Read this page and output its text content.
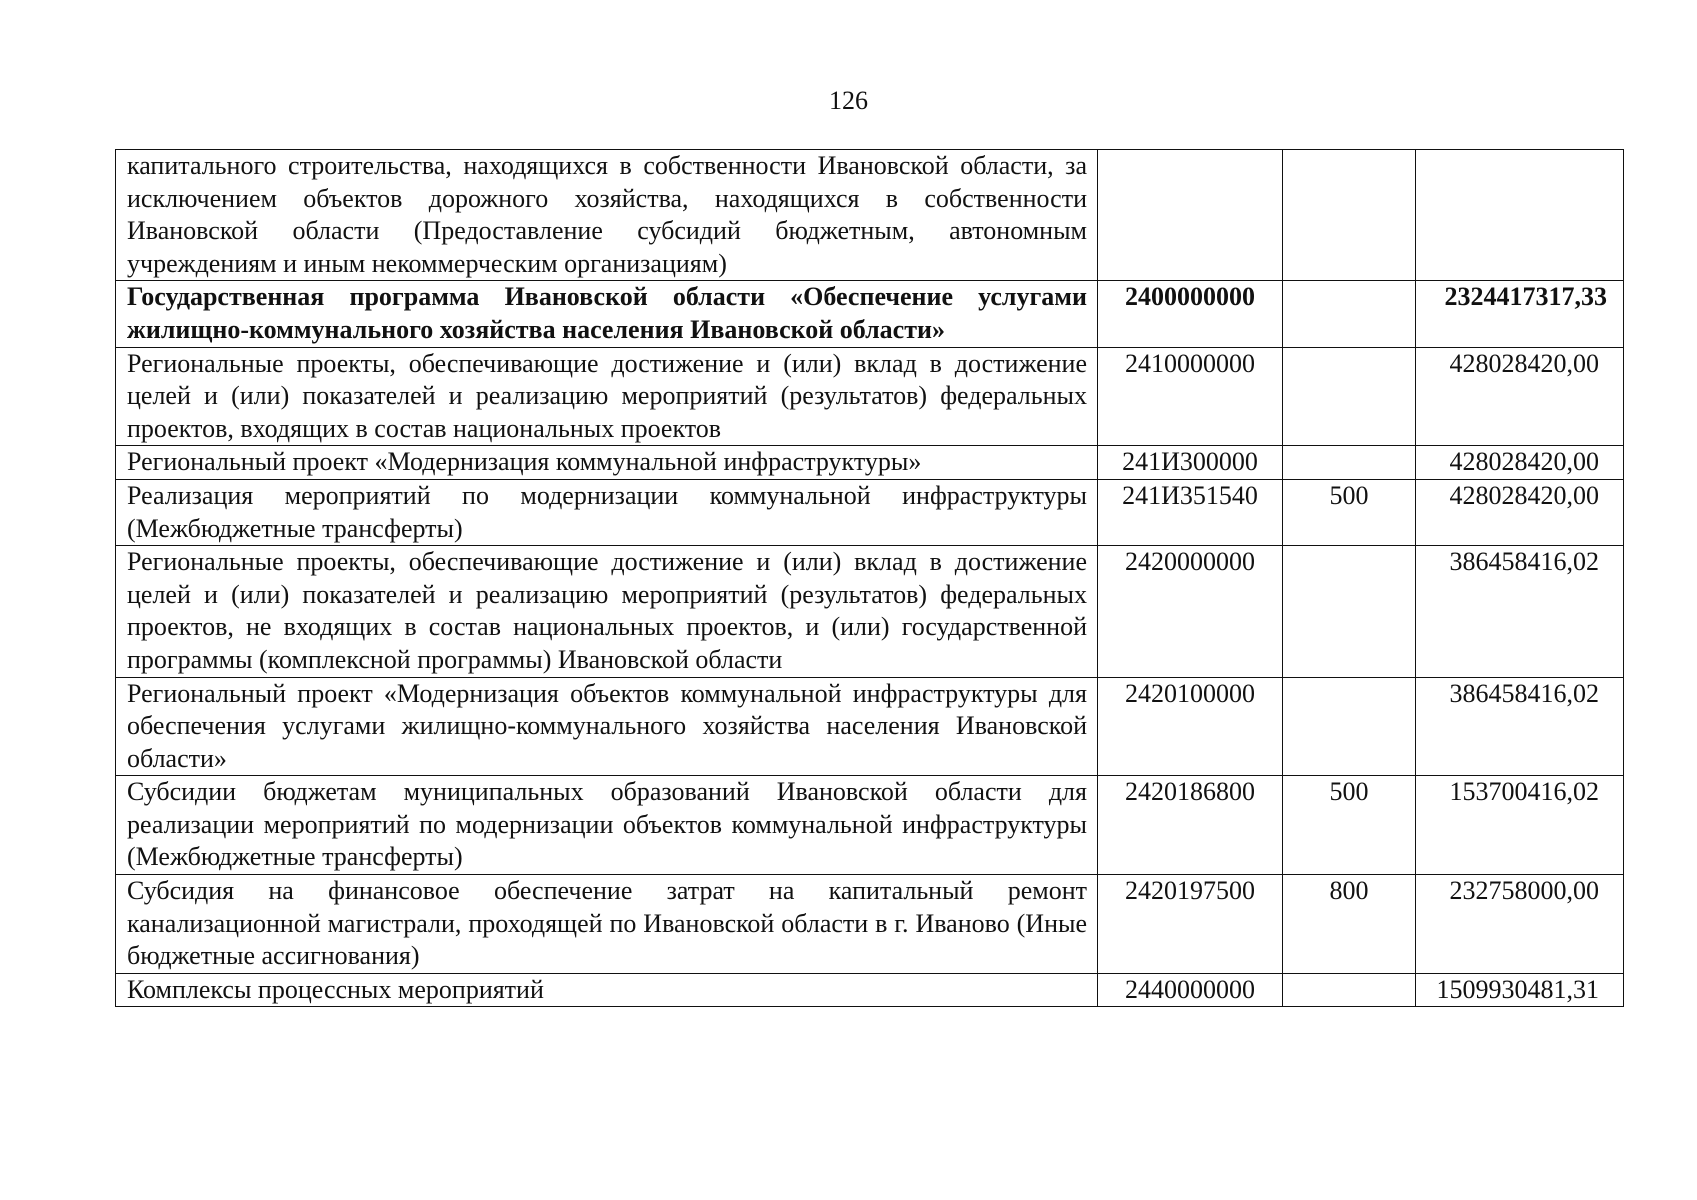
126
капитального строительства, находящихся в собственности Ивановской области, за исключением объектов дорожного хозяйства, находящихся в собственности Ивановской области (Предоставление субсидий бюджетным, автономным учреждениям и иным некоммерческим организациям)			
Государственная программа Ивановской области «Обеспечение услугами жилищно-коммунального хозяйства населения Ивановской области»	2400000000		2324417317,33
Региональные проекты, обеспечивающие достижение и (или) вклад в достижение целей и (или) показателей и реализацию мероприятий (результатов) федеральных проектов, входящих в состав национальных проектов	2410000000		428028420,00
Региональный проект «Модернизация коммунальной инфраструктуры»	241И300000		428028420,00
Реализация мероприятий по модернизации коммунальной инфраструктуры (Межбюджетные трансферты)	241И351540	500	428028420,00
Региональные проекты, обеспечивающие достижение и (или) вклад в достижение целей и (или) показателей и реализацию мероприятий (результатов) федеральных проектов, не входящих в состав национальных проектов, и (или) государственной программы (комплексной программы) Ивановской области	2420000000		386458416,02
Региональный проект «Модернизация объектов коммунальной инфраструктуры для обеспечения услугами жилищно-коммунального хозяйства населения Ивановской области»	2420100000		386458416,02
Субсидии бюджетам муниципальных образований Ивановской области для реализации мероприятий по модернизации объектов коммунальной инфраструктуры (Межбюджетные трансферты)	2420186800	500	153700416,02
Субсидия на финансовое обеспечение затрат на капитальный ремонт канализационной магистрали, проходящей по Ивановской области в г. Иваново (Иные бюджетные ассигнования)	2420197500	800	232758000,00
Комплексы процессных мероприятий	2440000000		1509930481,31
